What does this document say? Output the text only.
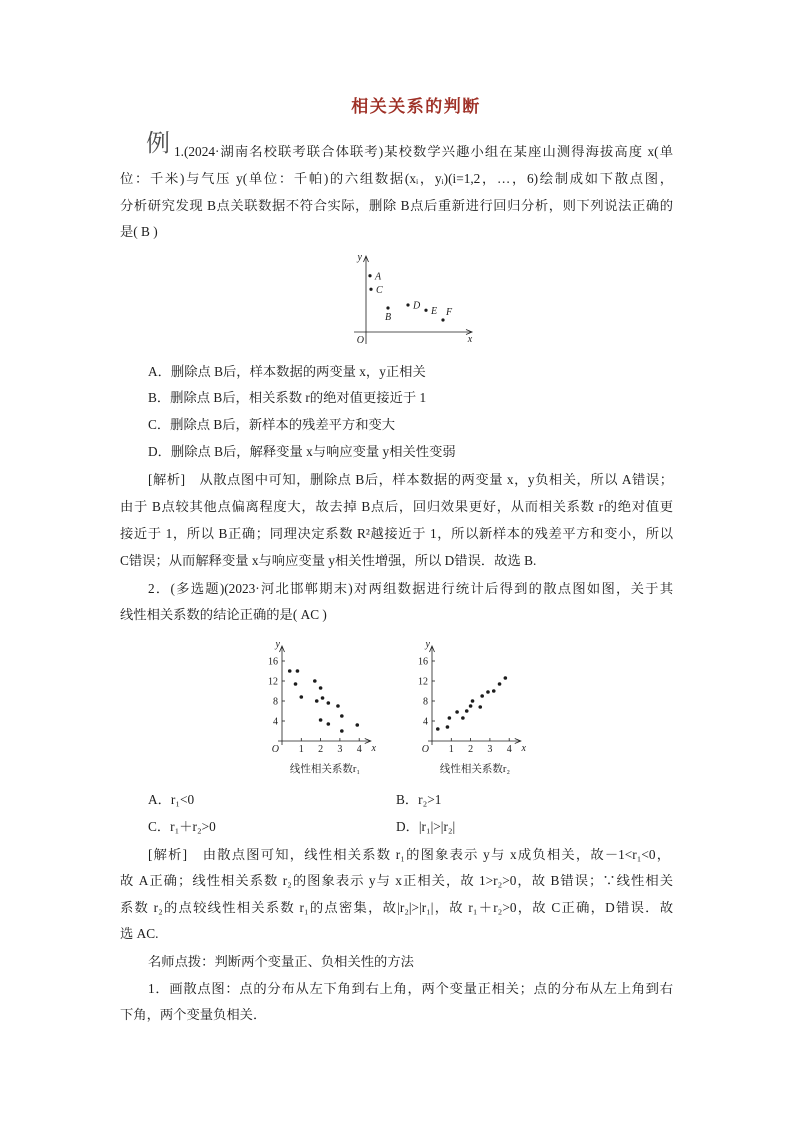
相关关系的判断
例 1.(2024·湖南名校联考联合体联考)某校数学兴趣小组在某座山测得海拔高度 x(单
位：千米)与气压 y(单位：千帕)的六组数据(xᵢ，yᵢ)(i=1,2，…，6)绘制成如下散点图，
分析研究发现 B点关联数据不符合实际，删除 B点后重新进行回归分析，则下列说法正确的
是( B )
y
O	x
A
C
B
D E F
A．删除点 B后，样本数据的两变量 x，y正相关
B．删除点 B后，相关系数 r的绝对值更接近于 1
C．删除点 B后，新样本的残差平方和变大
D．删除点 B后，解释变量 x与响应变量 y相关性变弱
[解析]　从散点图中可知，删除点 B后，样本数据的两变量 x，y负相关，所以 A错误；
由于 B点较其他点偏离程度大，故去掉 B点后，回归效果更好，从而相关系数 r的绝对值更
接近于 1，所以 B正确；同理决定系数 R²越接近于 1，所以新样本的残差平方和变小，所以
C错误；从而解释变量 x与响应变量 y相关性增强，所以 D错误．故选 B.
2．(多选题)(2023·河北邯郸期末)对两组数据进行统计后得到的散点图如图，关于其
线性相关系数的结论正确的是( AC )
4
8
12
16
1 2 3 4
O	x
y
线性相关系数r₁
4
8
12
16
1 2 3 4
O	x
y
线性相关系数r₂
A．r₁<0	B．r₂>1
C．r₁＋r₂>0	D．|r₁|>|r₂|
[解析]　由散点图可知，线性相关系数 r₁的图象表示 y与 x成负相关，故－1<r₁<0，
故 A正确；线性相关系数 r₂的图象表示 y与 x正相关，故 1>r₂>0，故 B错误；∵线性相关
系数 r₂的点较线性相关系数 r₁的点密集，故|r₂|>|r₁|，故 r₁＋r₂>0，故 C正确，D错误．故
选 AC.
名师点拨：判断两个变量正、负相关性的方法
1．画散点图：点的分布从左下角到右上角，两个变量正相关；点的分布从左上角到右
下角，两个变量负相关．
